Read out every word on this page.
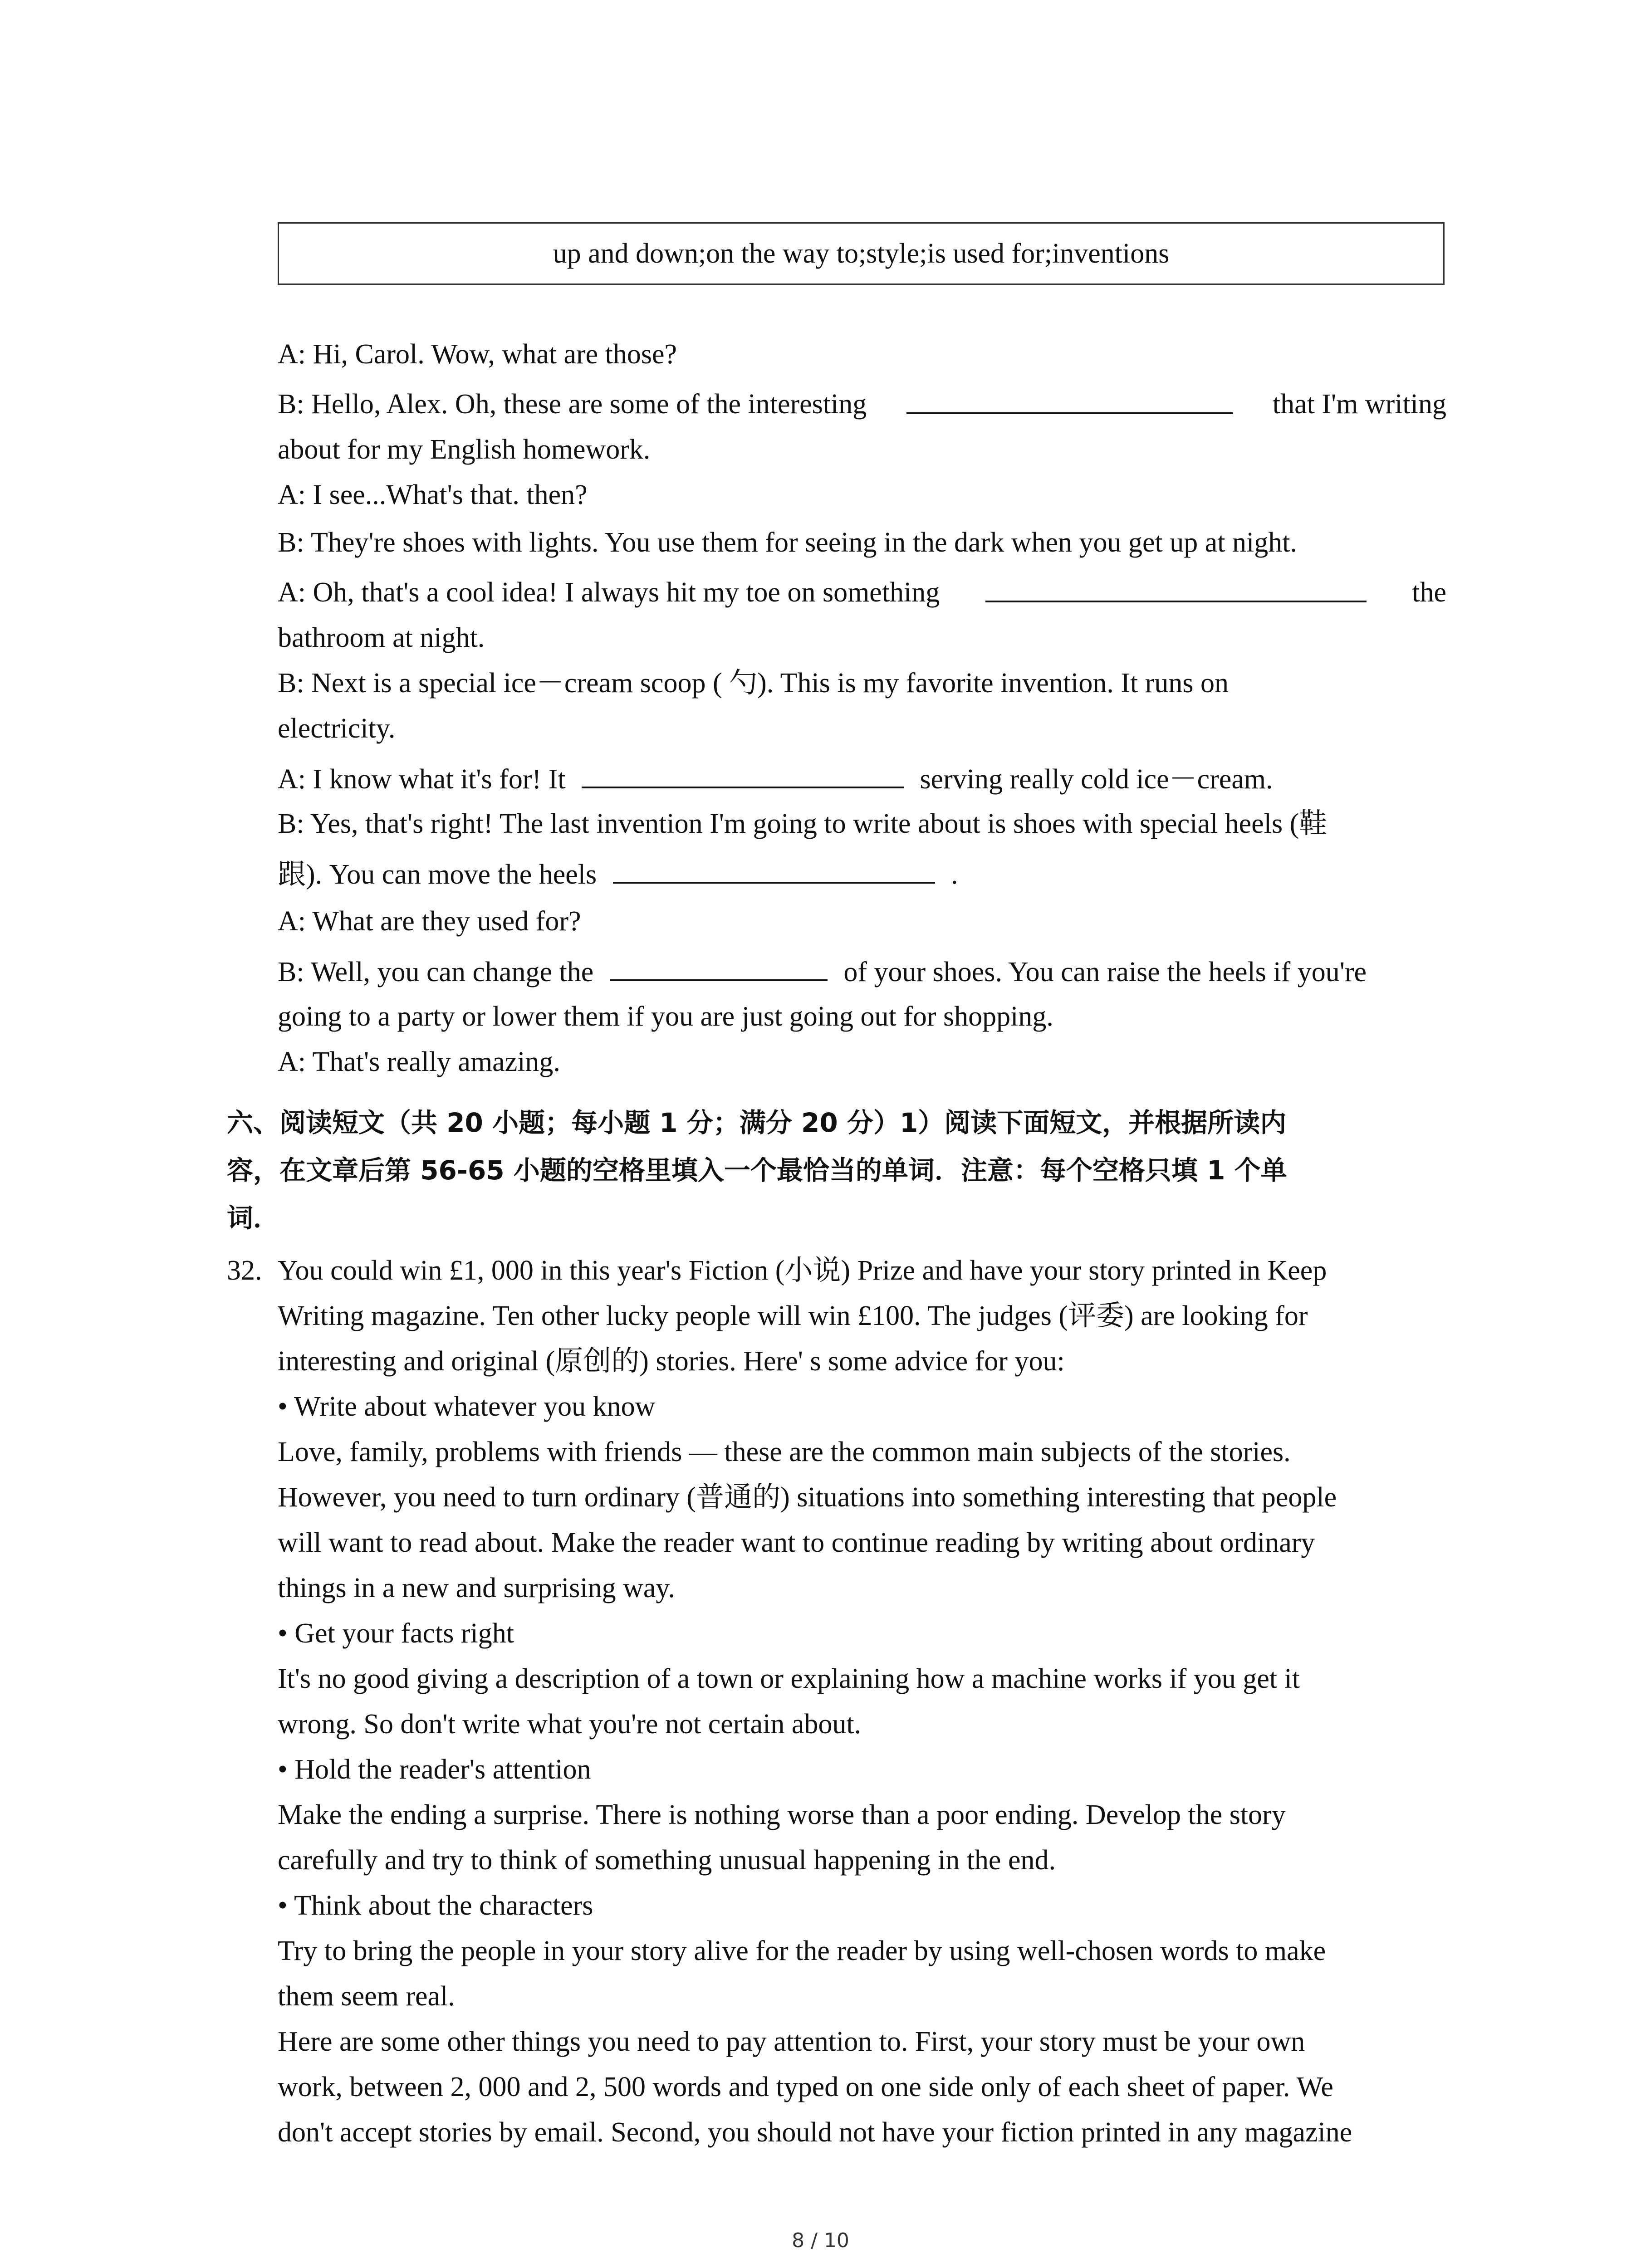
up and down;on the way to;style;is used for;inventions
A: Hi, Carol. Wow, what are those?
B: Hello, Alex. Oh, these are some of the interesting	that I'm writing
about for my English homework.
A: I see...What's that. then?
B: They're shoes with lights. You use them for seeing in the dark when you get up at night.
A: Oh, that's a cool idea! I always hit my toe on something	the
bathroom at night.
B: Next is a special ice－cream scoop ( 勺). This is my favorite invention. It runs on
electricity.
A: I know what it's for! It	serving really cold ice－cream.
B: Yes, that's right! The last invention I'm going to write about is shoes with special heels (鞋
跟). You can move the heels	.
A: What are they used for?
B: Well, you can change the	of your shoes. You can raise the heels if you're
going to a party or lower them if you are just going out for shopping.
A: That's really amazing.
六、阅读短文（共 20 小题；每小题 1 分；满分 20 分）1）阅读下面短文，并根据所读内
容，在文章后第 56-65 小题的空格里填入一个最恰当的单词．注意：每个空格只填 1 个单
词．
32. You could win £1, 000 in this year's Fiction (小说) Prize and have your story printed in Keep
Writing magazine. Ten other lucky people will win £100. The judges (评委) are looking for
interesting and original (原创的) stories. Here' s some advice for you:
• Write about whatever you know
Love, family, problems with friends — these are the common main subjects of the stories.
However, you need to turn ordinary (普通的) situations into something interesting that people
will want to read about. Make the reader want to continue reading by writing about ordinary
things in a new and surprising way.
• Get your facts right
It's no good giving a description of a town or explaining how a machine works if you get it
wrong. So don't write what you're not certain about.
• Hold the reader's attention
Make the ending a surprise. There is nothing worse than a poor ending. Develop the story
carefully and try to think of something unusual happening in the end.
• Think about the characters
Try to bring the people in your story alive for the reader by using well-chosen words to make
them seem real.
Here are some other things you need to pay attention to. First, your story must be your own
work, between 2, 000 and 2, 500 words and typed on one side only of each sheet of paper. We
don't accept stories by email. Second, you should not have your fiction printed in any magazine
8 / 10
